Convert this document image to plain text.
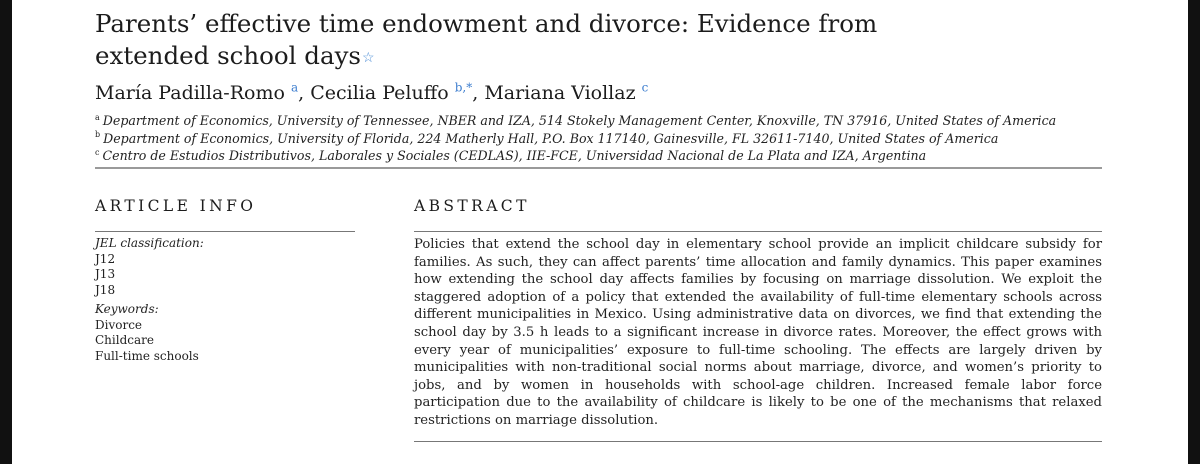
Parents’ effective time endowment and divorce: Evidence from extended school days☆
María Padilla-Romo $^a$, Cecilia Peluffo $^{b,*}$, Mariana Viollaz $^c$
$^a$ Department of Economics, University of Tennessee, NBER and IZA, 514 Stokely Management Center, Knoxville, TN 37916, United States of America
$^b$ Department of Economics, University of Florida, 224 Matherly Hall, P.O. Box 117140, Gainesville, FL 32611-7140, United States of America
$^c$ Centro de Estudios Distributivos, Laborales y Sociales (CEDLAS), IIE-FCE, Universidad Nacional de La Plata and IZA, Argentina
ARTICLE INFO	ABSTRACT
JEL classification:
J12
J13
J18
Keywords:
Divorce
Childcare
Full-time schools
Policies that extend the school day in elementary school provide an implicit childcare subsidy for families. As such, they can affect parents’ time allocation and family dynamics. This paper examines how extending the school day affects families by focusing on marriage dissolution. We exploit the staggered adoption of a policy that extended the availability of full-time elementary schools across different municipalities in Mexico. Using administrative data on divorces, we find that extending the school day by 3.5 h leads to a significant increase in divorce rates. Moreover, the effect grows with every year of municipalities’ exposure to full-time schooling. The effects are largely driven by municipalities with non-traditional social norms about marriage, divorce, and women’s priority to jobs, and by women in households with school-age children. Increased female labor force participation due to the availability of childcare is likely to be one of the mechanisms that relaxed restrictions on marriage dissolution.
